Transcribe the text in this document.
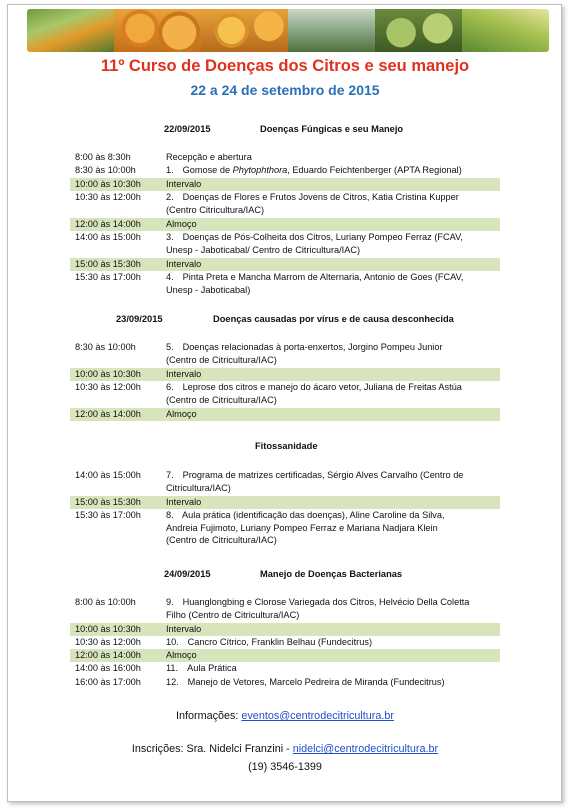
11º Curso de Doenças dos Citros e seu manejo
22 a 24 de setembro de 2015
22/09/2015	Doenças Fúngicas e seu Manejo
8:00 às 8:30h	Recepção e abertura
8:30 às 10:00h	1. Gomose de Phytophthora, Eduardo Feichtenberger (APTA Regional)
10:00 às 10:30h	Intervalo
10:30 às 12:00h	2. Doenças de Flores e Frutos Jovens de Citros, Katia Cristina Kupper
(Centro Citricultura/IAC)
12:00 às 14:00h	Almoço
14:00 às 15:00h	3. Doenças de Pós-Colheita dos Citros, Luriany Pompeo Ferraz (FCAV,
Unesp - Jaboticabal/ Centro de Citricultura/IAC)
15:00 às 15:30h	Intervalo
15:30 às 17:00h	4. Pinta Preta e Mancha Marrom de Alternaria, Antonio de Goes (FCAV,
Unesp - Jaboticabal)
23/09/2015	Doenças causadas por vírus e de causa desconhecida
8:30 às 10:00h	5. Doenças relacionadas à porta-enxertos, Jorgino Pompeu Junior
(Centro de Citricultura/IAC)
10:00 às 10:30h	Intervalo
10:30 às 12:00h	6. Leprose dos citros e manejo do ácaro vetor, Juliana de Freitas Astúa
(Centro de Citricultura/IAC)
12:00 às 14:00h	Almoço
Fitossanidade
14:00 às 15:00h	7. Programa de matrizes certificadas, Sérgio Alves Carvalho (Centro de
Citricultura/IAC)
15:00 às 15:30h	Intervalo
15:30 às 17:00h	8. Aula prática (identificação das doenças), Aline Caroline da Silva,
Andreia Fujimoto, Luriany Pompeo Ferraz e Mariana Nadjara Klein
(Centro de Citricultura/IAC)
24/09/2015	Manejo de Doenças Bacterianas
8:00 às 10:00h	9. Huanglongbing e Clorose Variegada dos Citros, Helvécio Della Coletta
Filho (Centro de Citricultura/IAC)
10:00 às 10:30h	Intervalo
10:30 às 12:00h	10. Cancro Cítrico, Franklin Belhau (Fundecitrus)
12:00 às 14:00h	Almoço
14:00 às 16:00h	11. Aula Prática
16:00 às 17:00h	12. Manejo de Vetores, Marcelo Pedreira de Miranda (Fundecitrus)
Informações: eventos@centrodecitricultura.br
Inscrições: Sra. Nidelci Franzini - nidelci@centrodecitricultura.br
(19) 3546-1399
